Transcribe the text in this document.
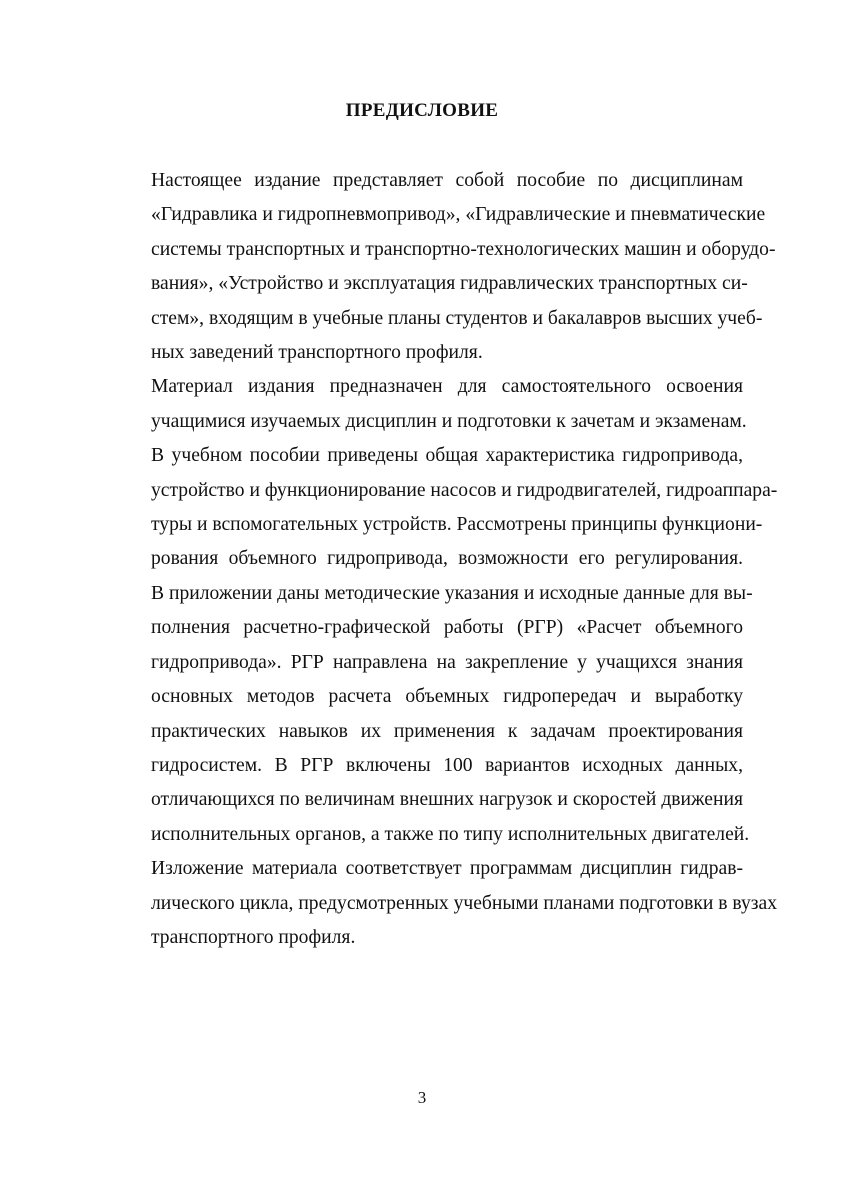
ПРЕДИСЛОВИЕ

Настоящее издание представляет собой пособие по дисциплинам
«Гидравлика и гидропневмопривод», «Гидравлические и пневматические
системы транспортных и транспортно-технологических машин и оборудо-
вания», «Устройство и эксплуатация гидравлических транспортных си-
стем», входящим в учебные планы студентов и бакалавров высших учеб-
ных заведений транспортного профиля.

Материал издания предназначен для самостоятельного освоения
учащимися изучаемых дисциплин и подготовки к зачетам и экзаменам.

В учебном пособии приведены общая характеристика гидропривода,
устройство и функционирование насосов и гидродвигателей, гидроаппара-
туры и вспомогательных устройств. Рассмотрены принципы функциони-
рования объемного гидропривода, возможности его регулирования.
В приложении даны методические указания и исходные данные для вы-
полнения расчетно-графической работы (РГР) «Расчет объемного
гидропривода». РГР направлена на закрепление у учащихся знания
основных методов расчета объемных гидропередач и выработку
практических навыков их применения к задачам проектирования
гидросистем. В РГР включены 100 вариантов исходных данных,
отличающихся по величинам внешних нагрузок и скоростей движения
исполнительных органов, а также по типу исполнительных двигателей.

Изложение материала соответствует программам дисциплин гидрав-
лического цикла, предусмотренных учебными планами подготовки в вузах
транспортного профиля.

3
